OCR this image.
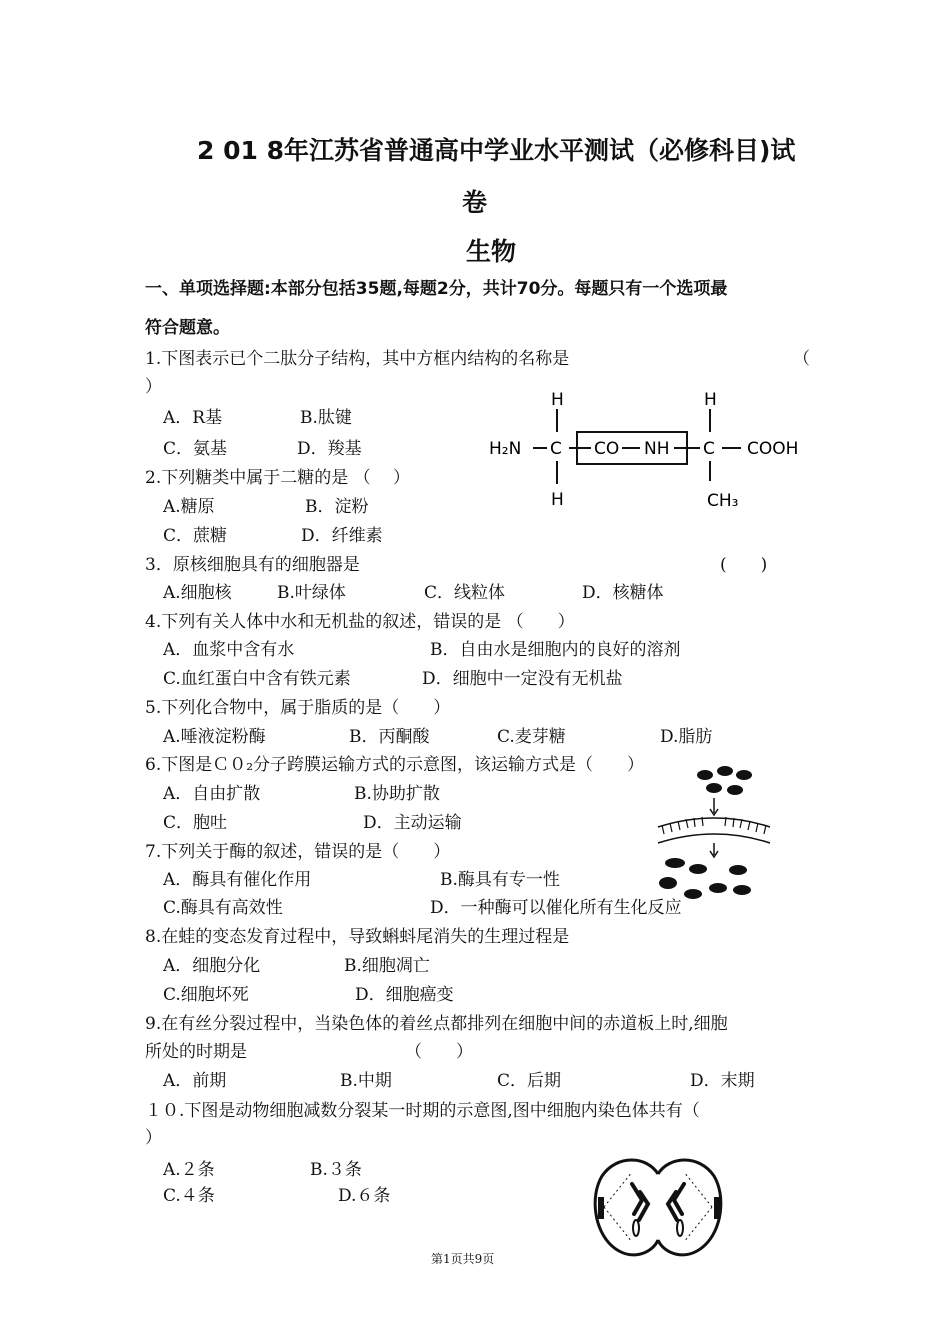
2 01 8年江苏省普通高中学业水平测试（必修科目)试
卷
生物
一、单项选择题:本部分包括35题,每题2分，共计70分。每题只有一个选项最
符合题意。
1.下图表示已个二肽分子结构，其中方框内结构的名称是	（
）
A．R基	B.肽键
C．氨基	D．羧基
H	H
H₂N C CO NH C COOH
H	CH₃
2.下列糖类中属于二糖的是 （　 ）
A.糖原	B．淀粉
C．蔗糖	D．纤维素
3．原核细胞具有的细胞器是	(　　)
A.细胞核	B.叶绿体	C．线粒体	D．核糖体
4.下列有关人体中水和无机盐的叙述，错误的是 （　　）
A．血浆中含有水	B．自由水是细胞内的良好的溶剂
C.血红蛋白中含有铁元素	D．细胞中一定没有无机盐
5.下列化合物中，属于脂质的是（　　）
A.唾液淀粉酶	B．丙酮酸	C.麦芽糖	D.脂肪
6.下图是Ｃ０₂分子跨膜运输方式的示意图，该运输方式是（　　）
A．自由扩散	B.协助扩散
C．胞吐	D．主动运输
7.下列关于酶的叙述，错误的是（　　）
A．酶具有催化作用	B.酶具有专一性
C.酶具有高效性	D．一种酶可以催化所有生化反应
8.在蛙的变态发育过程中，导致蝌蚪尾消失的生理过程是
A．细胞分化	B.细胞凋亡
C.细胞坏死	D．细胞癌变
9.在有丝分裂过程中，当染色体的着丝点都排列在细胞中间的赤道板上时,细胞
所处的时期是	（　　）
A．前期	B.中期	C．后期	D．末期
１０.下图是动物细胞减数分裂某一时期的示意图,图中细胞内染色体共有（
）
A.２条	B.３条
C.４条	D.６条
第1页共9页
